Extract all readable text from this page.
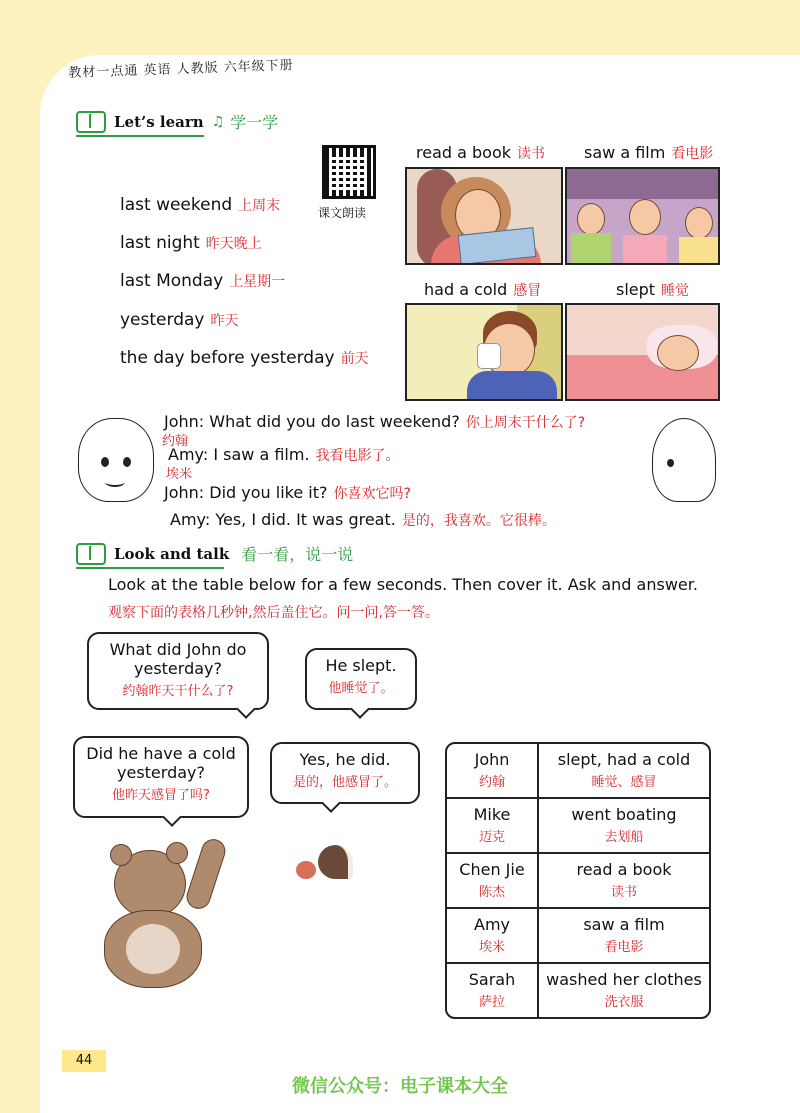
教材一点通 英语 人教版 六年级下册
Let’s learn ♫ 学一学
课文朗读
last weekend 上周末
last night 昨天晚上
last Monday 上星期一
yesterday 昨天
the day before yesterday 前天
read a book 读书 saw a film 看电影
had a cold 感冒	slept 睡觉
John: What did you do last weekend? 你上周末干什么了?
约翰
Amy: I saw a film. 我看电影了。
埃米
John: Did you like it? 你喜欢它吗?
Amy: Yes, I did. It was great. 是的，我喜欢。它很棒。
Look and talk 看一看，说一说
Look at the table below for a few seconds. Then cover it. Ask and answer.
观察下面的表格几秒钟,然后盖住它。问一问,答一答。
What did John do yesterday?
约翰昨天干什么了?
He slept.
他睡觉了。
Did he have a cold yesterday?
他昨天感冒了吗?
Yes, he did.
是的，他感冒了。
John
约翰
slept, had a cold
睡觉、感冒
Mike
迈克
went boating
去划船
Chen Jie
陈杰
read a book
读书
Amy
埃米
saw a film
看电影
Sarah
萨拉
washed her clothes
洗衣服
44
微信公众号：电子课本大全
